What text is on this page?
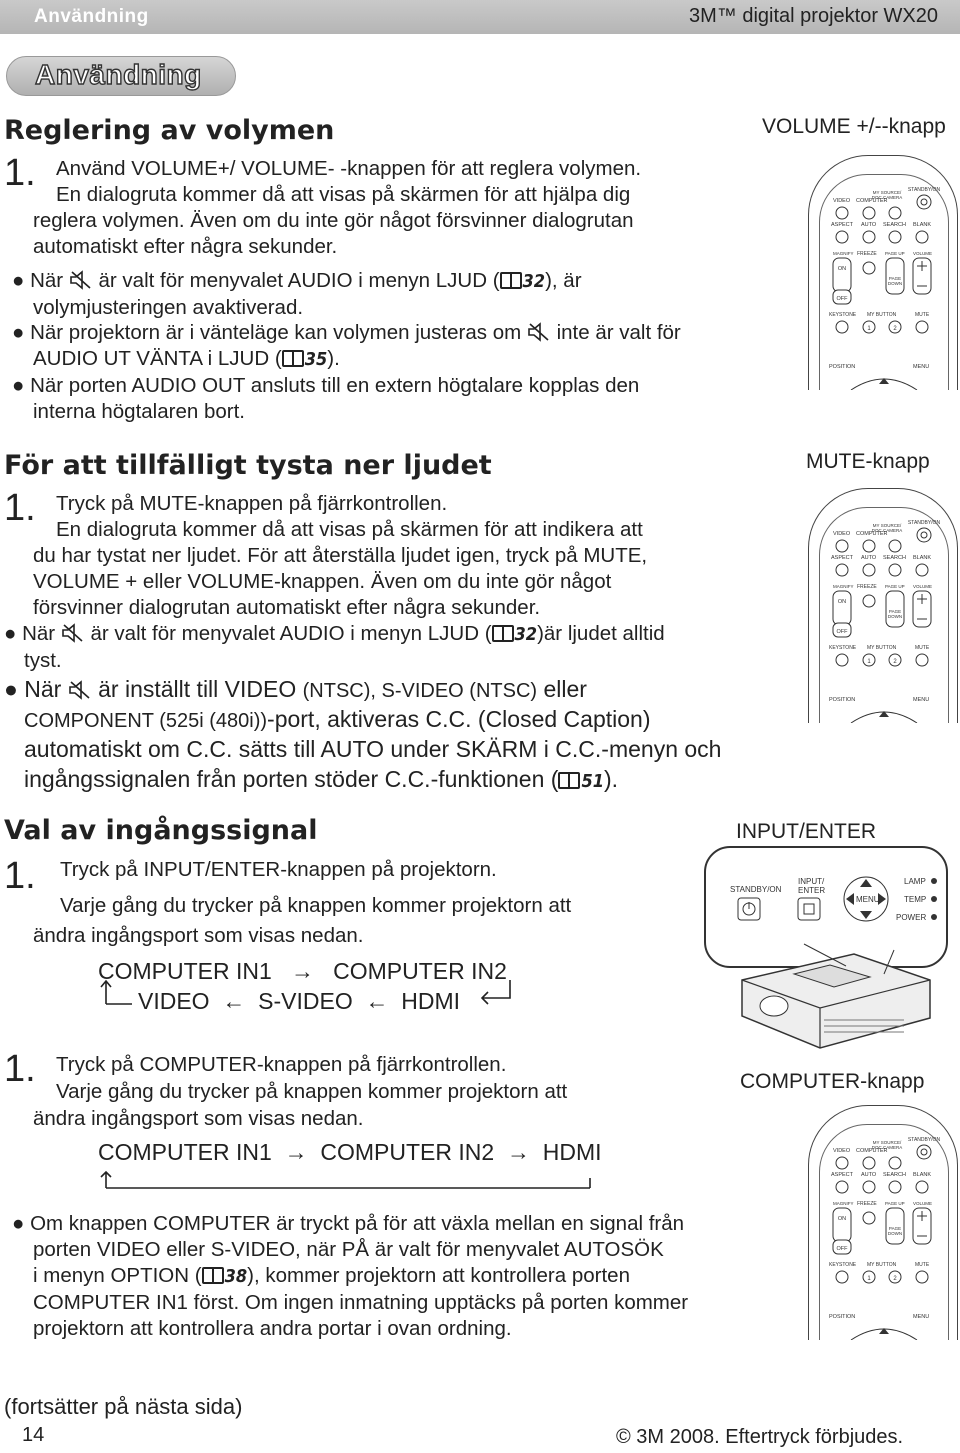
Användning	3M™ digital projektor WX20
Användning
Reglering av volymen
1. Använd VOLUME+/ VOLUME- -knappen för att reglera volymen.
En dialogruta kommer då att visas på skärmen för att hjälpa dig
reglera volymen. Även om du inte gör något försvinner dialogrutan
automatiskt efter några sekunder.
● När  är valt för menyvalet AUDIO i menyn LJUD ( 32), är
volymjusteringen avaktiverad.
● När projektorn är i vänteläge kan volymen justeras om  inte är valt för
AUDIO UT VÄNTA i LJUD ( 35).
● När porten AUDIO OUT ansluts till en extern högtalare kopplas den
interna högtalaren bort.
VOLUME +/--knapp
STANDBY/ON
MY SOURCE/
DOC.CAMERA
VIDEO COMPUTER
ASPECT AUTO SEARCH BLANK
MAGNIFY FREEZE PAGE UP VOLUME
ON
PAGE
DOWN
OFF
KEYSTONE MY BUTTON	MUTE
1	2
POSITION	MENU
För att tillfälligt tysta ner ljudet
1. Tryck på MUTE-knappen på fjärrkontrollen.
En dialogruta kommer då att visas på skärmen för att indikera att
du har tystat ner ljudet. För att återställa ljudet igen, tryck på MUTE,
VOLUME + eller VOLUME-knappen. Även om du inte gör något
försvinner dialogrutan automatiskt efter några sekunder.
● När  är valt för menyvalet AUDIO i menyn LJUD ( 32)är ljudet alltid
tyst.
● När  är inställt till VIDEO (NTSC), S-VIDEO (NTSC) eller
COMPONENT (525i (480i))-port, aktiveras C.C. (Closed Caption)
automatiskt om C.C. sätts till AUTO under SKÄRM i C.C.-menyn och
ingångssignalen från porten stöder C.C.-funktionen ( 51).
MUTE-knapp
STANDBY/ON
MY SOURCE/
DOC.CAMERA
VIDEO COMPUTER
ASPECT AUTO SEARCH BLANK
MAGNIFY FREEZE PAGE UP VOLUME
ON
PAGE
DOWN
OFF
KEYSTONE MY BUTTON	MUTE
1	2
POSITION	MENU
Val av ingångssignal
1. Tryck på INPUT/ENTER-knappen på projektorn.
Varje gång du trycker på knappen kommer projektorn att
ändra ingångsport som visas nedan.
COMPUTER IN1 → COMPUTER IN2
VIDEO ← S-VIDEO ← HDMI
INPUT/ENTER
STANDBY/ON
INPUT/
ENTER
MENU
LAMP
TEMP
POWER
1. Tryck på COMPUTER-knappen på fjärrkontrollen.
Varje gång du trycker på knappen kommer projektorn att
ändra ingångsport som visas nedan.
COMPUTER IN1 → COMPUTER IN2 → HDMI
COMPUTER-knapp
STANDBY/ON
MY SOURCE/
DOC.CAMERA
VIDEO COMPUTER
ASPECT AUTO SEARCH BLANK
MAGNIFY FREEZE PAGE UP VOLUME
ON
PAGE
DOWN
OFF
KEYSTONE MY BUTTON	MUTE
1	2
POSITION	MENU
● Om knappen COMPUTER är tryckt på för att växla mellan en signal från
porten VIDEO eller S-VIDEO, när PÅ är valt för menyvalet AUTOSÖK
i menyn OPTION ( 38), kommer projektorn att kontrollera porten
COMPUTER IN1 först. Om ingen inmatning upptäcks på porten kommer
projektorn att kontrollera andra portar i ovan ordning.
(fortsätter på nästa sida)
14	© 3M 2008. Eftertryck förbjudes.
